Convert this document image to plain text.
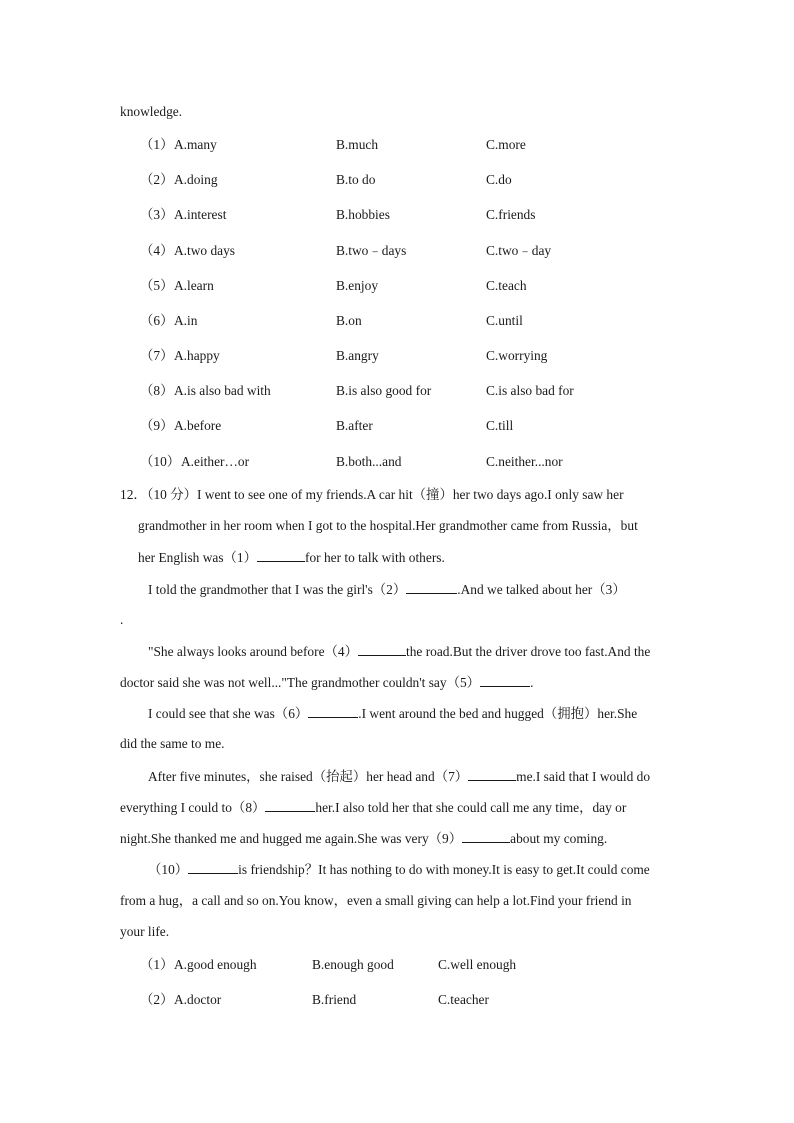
knowledge.
（1） A.many	B.much	C.more
（2） A.doing	B.to do	C.do
（3） A.interest	B.hobbies	C.friends
（4） A.two days	B.two﹣days	C.two﹣day
（5） A.learn	B.enjoy	C.teach
（6） A.in	B.on	C.until
（7） A.happy	B.angry	C.worrying
（8） A.is also bad with	B.is also good for	C.is also bad for
（9） A.before	B.after	C.till
（10） A.either…or	B.both...and	C.neither...nor
12．（10 分）I went to see one of my friends.A car hit（撞）her two days ago.I only saw her
grandmother in her room when I got to the hospital.Her grandmother came from Russia，but
her English was（1）	for her to talk with others.
I told the grandmother that I was the girl's（2）	.And we talked about her（3）
.
"She always looks around before（4）	the road.But the driver drove too fast.And the
doctor said she was not well..."The grandmother couldn't say（5）	.
I could see that she was（6）	.I went around the bed and hugged（拥抱）her.She
did the same to me.
After five minutes，she raised（抬起）her head and（7）	me.I said that I would do
everything I could to（8）	her.I also told her that she could call me any time，day or
night.She thanked me and hugged me again.She was very（9）	about my coming.
（10）	is friendship？It has nothing to do with money.It is easy to get.It could come
from a hug，a call and so on.You know，even a small giving can help a lot.Find your friend in
your life.
（1） A.good enough	B.enough good	C.well enough
（2） A.doctor	B.friend	C.teacher
